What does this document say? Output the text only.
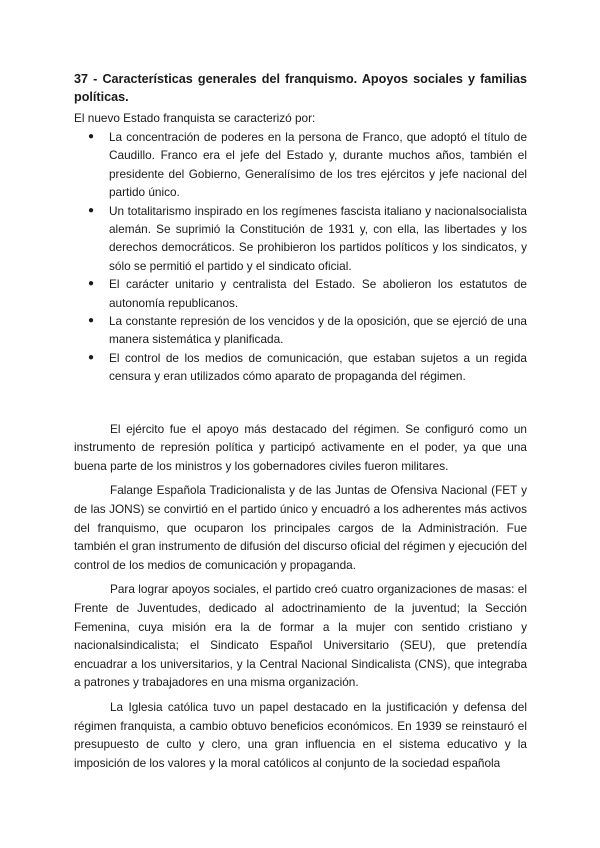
37 - Características generales del franquismo. Apoyos sociales y familias políticas.

El nuevo Estado franquista se caracterizó por:

● La concentración de poderes en la persona de Franco, que adoptó el título de Caudillo. Franco era el jefe del Estado y, durante muchos años, también el presidente del Gobierno, Generalísimo de los tres ejércitos y jefe nacional del partido único.
● Un totalitarismo inspirado en los regímenes fascista italiano y nacionalsocialista alemán. Se suprimió la Constitución de 1931 y, con ella, las libertades y los derechos democráticos. Se prohibieron los partidos políticos y los sindicatos, y sólo se permitió el partido y el sindicato oficial.
● El carácter unitario y centralista del Estado. Se abolieron los estatutos de autonomía republicanos.
● La constante represión de los vencidos y de la oposición, que se ejerció de una manera sistemática y planificada.
● El control de los medios de comunicación, que estaban sujetos a un regida censura y eran utilizados cómo aparato de propaganda del régimen.

El ejército fue el apoyo más destacado del régimen. Se configuró como un instrumento de represión política y participó activamente en el poder, ya que una buena parte de los ministros y los gobernadores civiles fueron militares.

Falange Española Tradicionalista y de las Juntas de Ofensiva Nacional (FET y de las JONS) se convirtió en el partido único y encuadró a los adherentes más activos del franquismo, que ocuparon los principales cargos de la Administración. Fue también el gran instrumento de difusión del discurso oficial del régimen y ejecución del control de los medios de comunicación y propaganda.

Para lograr apoyos sociales, el partido creó cuatro organizaciones de masas: el Frente de Juventudes, dedicado al adoctrinamiento de la juventud; la Sección Femenina, cuya misión era la de formar a la mujer con sentido cristiano y nacionalsindicalista; el Sindicato Español Universitario (SEU), que pretendía encuadrar a los universitarios, y la Central Nacional Sindicalista (CNS), que integraba a patrones y trabajadores en una misma organización.

La Iglesia católica tuvo un papel destacado en la justificación y defensa del régimen franquista, a cambio obtuvo beneficios económicos. En 1939 se reinstauró el presupuesto de culto y clero, una gran influencia en el sistema educativo y la imposición de los valores y la moral católicos al conjunto de la sociedad española
